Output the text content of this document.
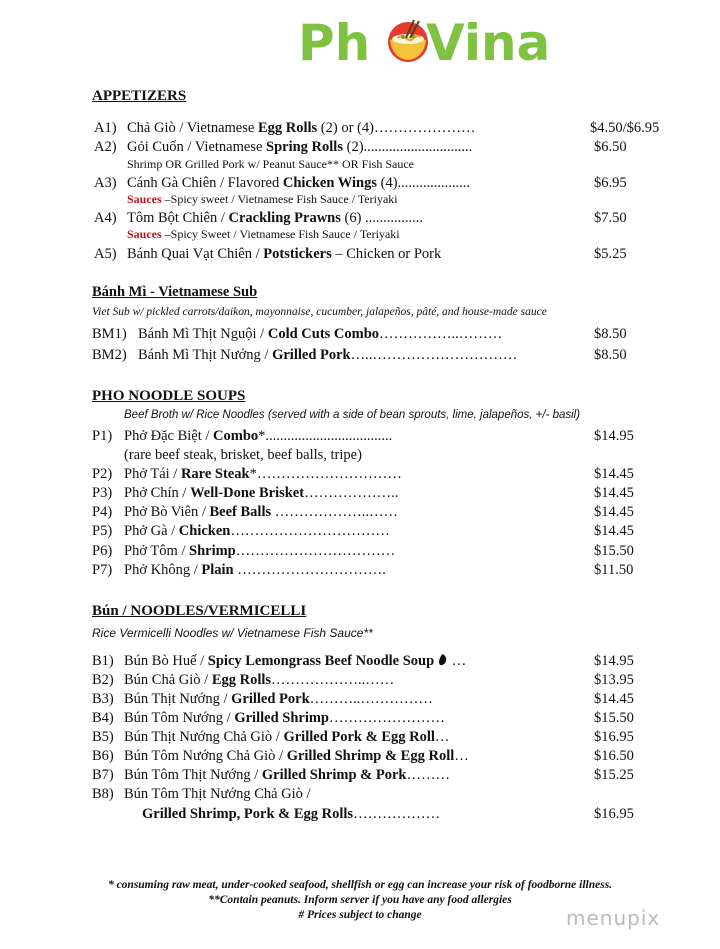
Ph Vina
APPETIZERS
A1) Chả Giò / Vietnamese Egg Rolls (2) or (4)…………………	$4.50/$6.95
A2) Gỏi Cuốn / Vietnamese Spring Rolls (2)..............................	$6.50
Shrimp OR Grilled Pork w/ Peanut Sauce** OR Fish Sauce
A3) Cánh Gà Chiên / Flavored Chicken Wings (4)....................	$6.95
Sauces –Spicy sweet / Vietnamese Fish Sauce / Teriyaki
A4) Tôm Bột Chiên / Crackling Prawns (6) ................	$7.50
Sauces –Spicy Sweet / Vietnamese Fish Sauce / Teriyaki
A5) Bánh Quai Vạt Chiên / Potstickers – Chicken or Pork	$5.25
Bánh Mì - Vietnamese Sub
Viet Sub w/ pickled carrots/daikon, mayonnaise, cucumber, jalapeños, pâté, and house-made sauce
BM1) Bánh Mì Thịt Nguội / Cold Cuts Combo……………..………	$8.50
BM2) Bánh Mì Thịt Nướng / Grilled Pork…..…………………………	$8.50
PHO NOODLE SOUPS
Beef Broth w/ Rice Noodles (served with a side of bean sprouts, lime, jalapeños, +/- basil)
P1) Phở Đặc Biệt / Combo*...................................	$14.95
(rare beef steak, brisket, beef balls, tripe)
P2) Phở Tái / Rare Steak*…………………………	$14.45
P3) Phở Chín / Well-Done Brisket………………..	$14.45
P4) Phở Bò Viên / Beef Balls ………………..……	$14.45
P5) Phở Gà / Chicken……………………………	$14.45
P6) Phở Tôm / Shrimp……………………………	$15.50
P7) Phở Không / Plain ………………………….	$11.50
Bún / NOODLES/VERMICELLI
Rice Vermicelli Noodles w/ Vietnamese Fish Sauce**
B1) Bún Bò Huế / Spicy Lemongrass Beef Noodle Soup …	$14.95
B2) Bún Chả Giò / Egg Rolls………………..……	$13.95
B3) Bún Thịt Nướng / Grilled Pork………..……………	$14.45
B4) Bún Tôm Nướng / Grilled Shrimp……………………	$15.50
B5) Bún Thịt Nướng Chả Giò / Grilled Pork & Egg Roll…	$16.95
B6) Bún Tôm Nướng Chả Giò / Grilled Shrimp & Egg Roll…	$16.50
B7) Bún Tôm Thịt Nướng / Grilled Shrimp & Pork………	$15.25
B8) Bún Tôm Thịt Nướng Chả Giò /
Grilled Shrimp, Pork & Egg Rolls………………	$16.95
* consuming raw meat, under-cooked seafood, shellfish or egg can increase your risk of foodborne illness.
**Contain peanuts. Inform server if you have any food allergies
# Prices subject to change	menupix
